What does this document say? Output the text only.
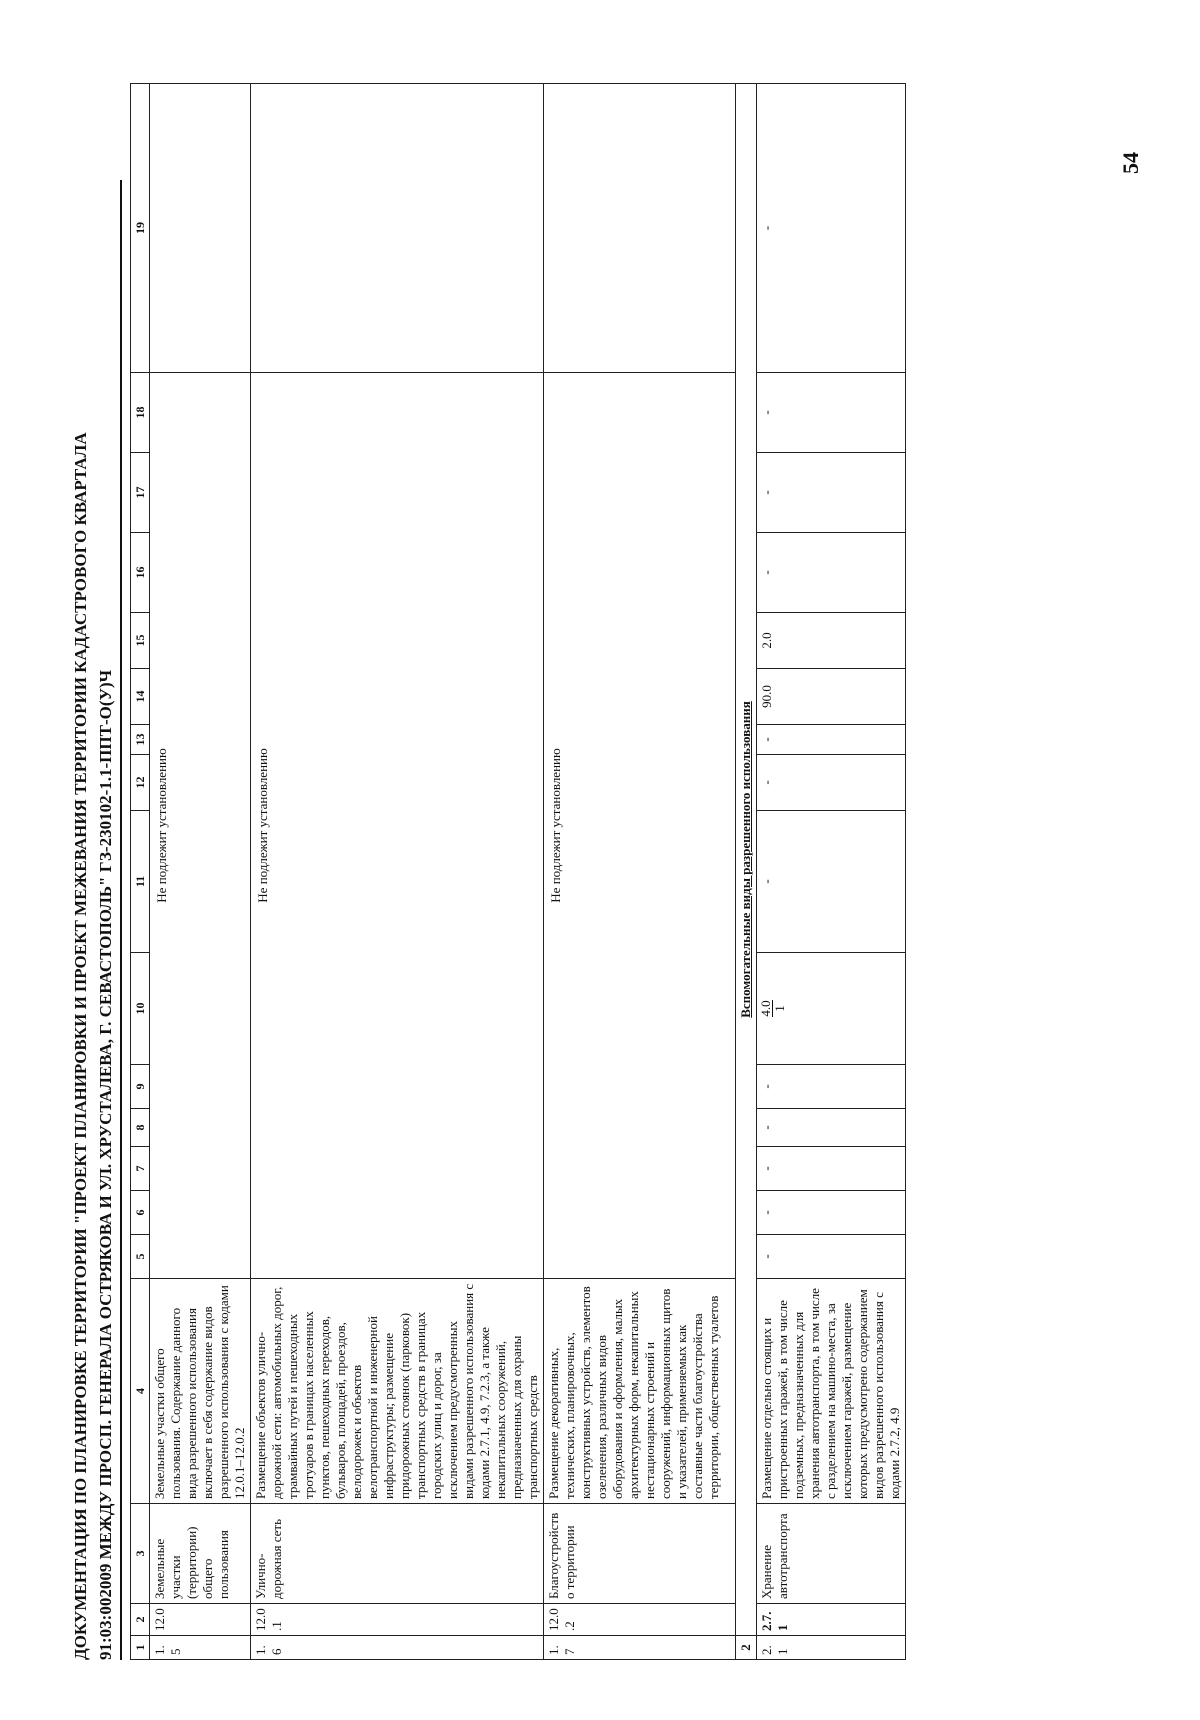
54

ДОКУМЕНТАЦИЯ ПО ПЛАНИРОВКЕ ТЕРРИТОРИИ "ПРОЕКТ ПЛАНИРОВКИ И ПРОЕКТ МЕЖЕВАНИЯ ТЕРРИТОРИИ КАДАСТРОВОГО КВАРТАЛА 91:03:002009 МЕЖДУ ПРОСП. ГЕНЕРАЛА ОСТРЯКОВА И УЛ. ХРУСТАЛЕВА, Г. СЕВАСТОПОЛЬ" ГЗ-230102-1.1-ППТ-О(У)Ч	1	2	3	4	5	6	7	8	9	10	11	12	13	14	15	16	17	18	19
1.5	12.0	Земельные участки (территории) общего пользования	Земельные участки общего пользования. Содержание данного вида разрешенного использования включает в себя содержание видов разрешенного использования с кодами 12.0.1–12.0.2	Не подлежит установлению														
1.6	12.0.1	Улично-дорожная сеть	Размещение объектов улично-дорожной сети: автомобильных дорог, трамвайных путей и пешеходных тротуаров в границах населенных пунктов, пешеходных переходов, бульваров, площадей, проездов, велодорожек и объектов велотранспортной и инженерной инфраструктуры; размещение придорожных стоянок (парковок) транспортных средств в границах городских улиц и дорог, за исключением предусмотренных видами разрешенного использования с кодами 2.7.1, 4.9, 7.2.3, а также некапитальных сооружений, предназначенных для охраны транспортных средств	Не подлежит установлению														
1.7	12.0.2	Благоустройство территории	Размещение декоративных, технических, планировочных, конструктивных устройств, элементов озеленения, различных видов оборудования и оформления, малых архитектурных форм, некапитальных нестационарных строений и сооружений, информационных щитов и указателей, применяемых как составные части благоустройства территории, общественных туалетов	Не подлежит установлению														
2	Вспомогательные виды разрешенного использования																	
2.1	2.7.1	Хранение автотранспорта	Размещение отдельно стоящих и пристроенных гаражей, в том числе подземных, предназначенных для хранения автотранспорта, в том числе с разделением на машино-места, за исключением гаражей, размещение которых предусмотрено содержанием видов разрешенного использования с кодами 2.7.2, 4.9	-	-	-	-	-	4.0 1	-	-	-	90.0	2.0	-	-	-	-
